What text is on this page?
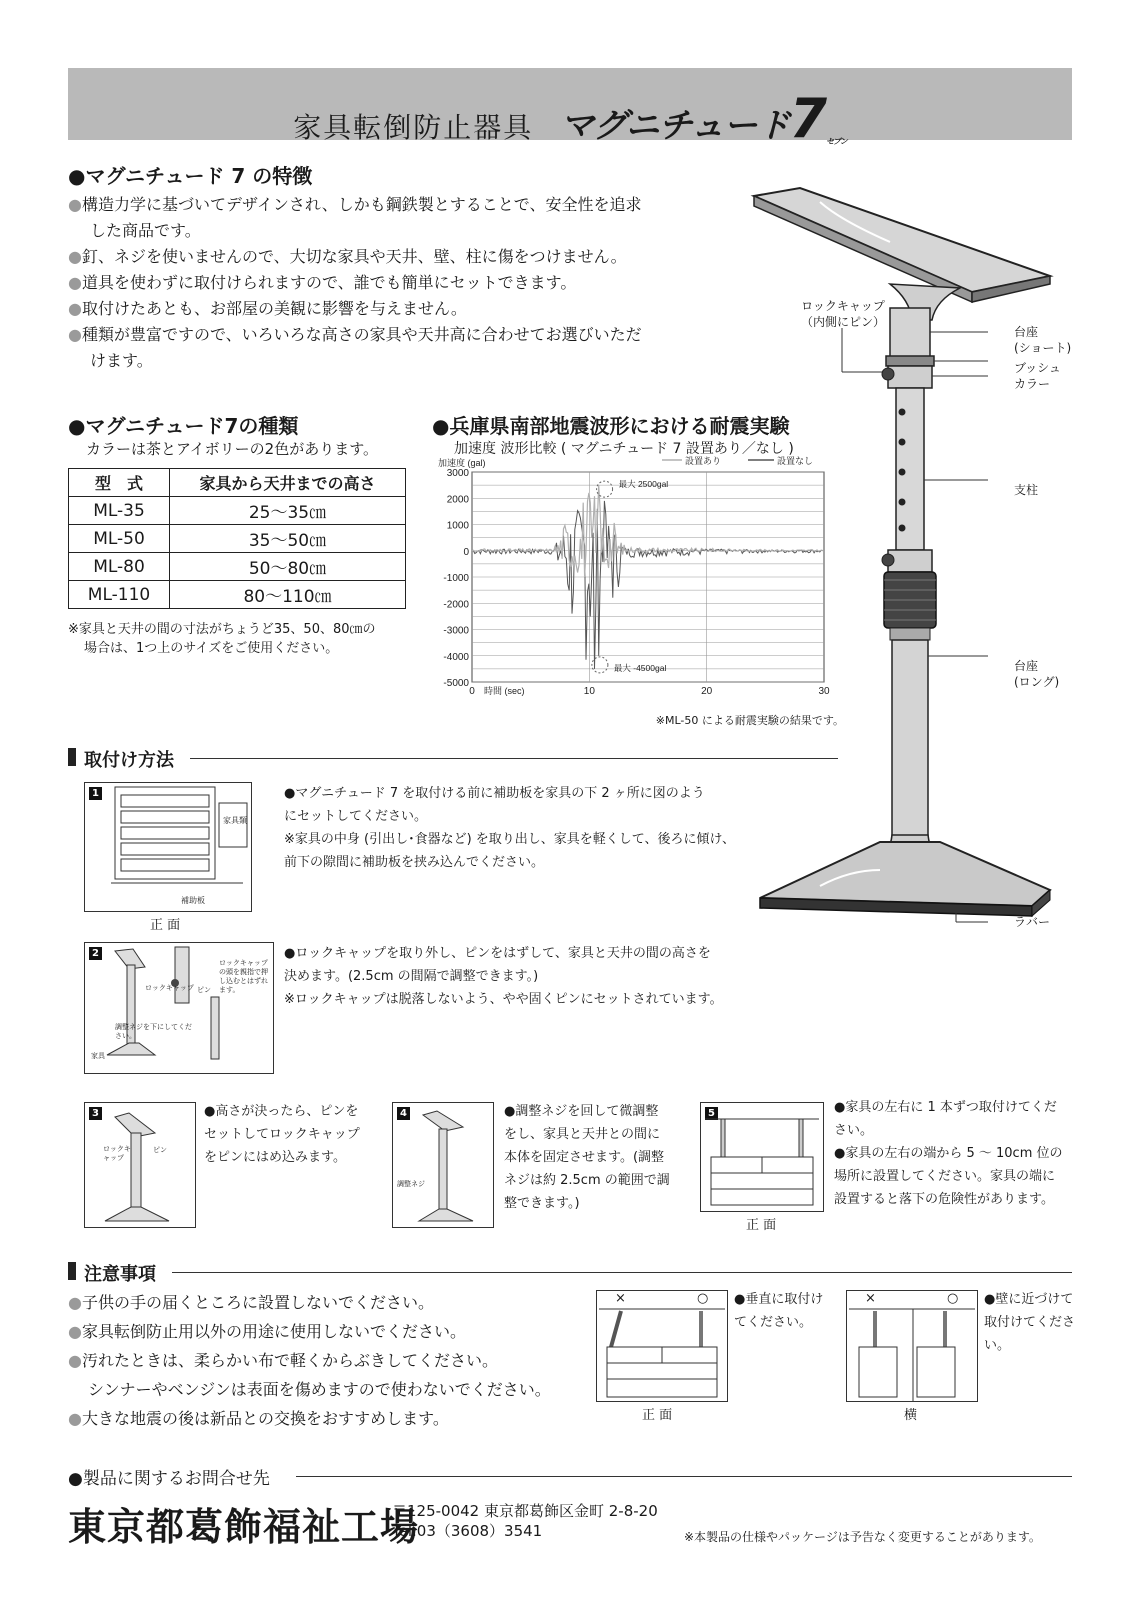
家具転倒防止器具 マグニチュード7セブン
●マグニチュード 7 の特徴

●構造力学に基づいてデザインされ、しかも鋼鉄製とすることで、安全性を追求

した商品です。

●釘、ネジを使いませんので、大切な家具や天井、壁、柱に傷をつけません。

●道具を使わずに取付けられますので、誰でも簡単にセットできます。

●取付けたあとも、お部屋の美観に影響を与えません。

●種類が豊富ですので、いろいろな高さの家具や天井高に合わせてお選びいただ

けます。

●マグニチュード7の種類
カラーは茶とアイボリーの2色があります。
型　式	家具から天井までの高さ
ML-35	25〜35㎝
ML-50	35〜50㎝
ML-80	50〜80㎝
ML-110	80〜110㎝
※家具と天井の間の寸法がちょうど35、50、80㎝の
場合は、1つ上のサイズをご使用ください。
●兵庫県南部地震波形における耐震実験
加速度 波形比較 ( マグニチュード 7 設置あり／なし )
3000
2000
1000
0
-1000
-2000
-3000
-4000
-5000
0	10	20	30
時間 (sec)
加速度 (gal)	設置あり	設置なし
最大 2500gal
最大 -4500gal
※ML-50 による耐震実験の結果です。
ロックキャップ
（内側にピン）
台座
(ショート)
ブッシュ
カラー
支柱
台座
(ロング)
ラバー
取付け方法
1
家具類
補助板
正 面
●マグニチュード 7 を取付ける前に補助板を家具の下 2 ヶ所に図のよう
にセットしてください。
※家具の中身 (引出し･食器など) を取り出し、家具を軽くして、後ろに傾け、
前下の隙間に補助板を挟み込んでください。
2
ロックキャップ ピン
ロックキャップの頭を親指で押し込むとはずれます。
調整ネジを下にしてください。
家具
●ロックキャップを取り外し、ピンをはずして、家具と天井の間の高さを
決めます。(2.5cm の間隔で調整できます。)
※ロックキャップは脱落しないよう、やや固くピンにセットされています。
3
ロックキャップ
ピン
●高さが決ったら、ピンを
セットしてロックキャップ
をピンにはめ込みます。
4
調整ネジ
●調整ネジを回して微調整
をし、家具と天井との間に
本体を固定させます。(調整
ネジは約 2.5cm の範囲で調
整できます。)
5
正 面
●家具の左右に 1 本ずつ取付けてくだ
さい。
●家具の左右の端から 5 〜 10cm 位の
場所に設置してください。家具の端に
設置すると落下の危険性があります。
注意事項
●子供の手の届くところに設置しないでください。
●家具転倒防止用以外の用途に使用しないでください。
●汚れたときは、柔らかい布で軽くからぶきしてください。
シンナーやベンジンは表面を傷めますので使わないでください。
●大きな地震の後は新品との交換をおすすめします。
×	○ ●垂直に取付け
てください。
正 面
×	○ ●壁に近づけて
取付けてくださ
い。
横
●製品に関するお問合せ先
東京都葛飾福祉工場
〒125-0042 東京都葛飾区金町 2-8-20
Tel.03（3608）3541	※本製品の仕様やパッケージは予告なく変更することがあります。
